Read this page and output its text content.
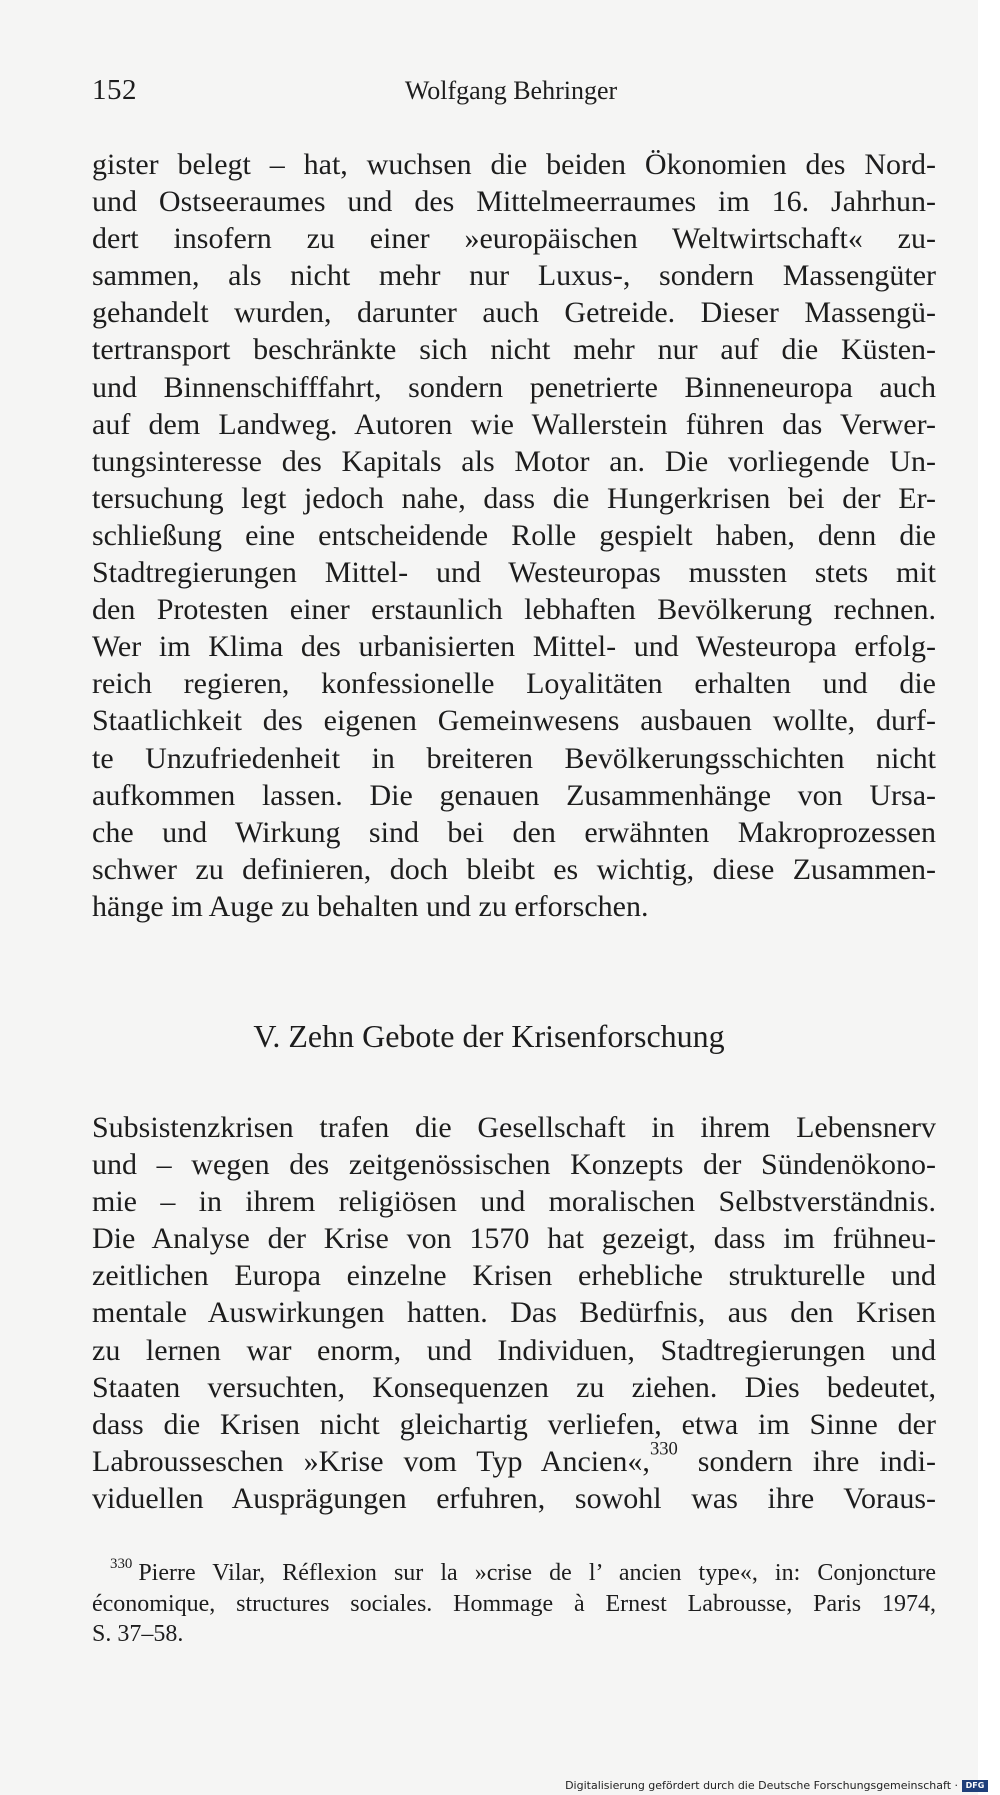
152	Wolfgang Behringer
gister belegt – hat, wuchsen die beiden Ökonomien des Nord-
und Ostseeraumes und des Mittelmeerraumes im 16. Jahrhun-
dert insofern zu einer »europäischen Weltwirtschaft« zu-
sammen, als nicht mehr nur Luxus-, sondern Massengüter
gehandelt wurden, darunter auch Getreide. Dieser Massengü-
tertransport beschränkte sich nicht mehr nur auf die Küsten-
und Binnenschifffahrt, sondern penetrierte Binneneuropa auch
auf dem Landweg. Autoren wie Wallerstein führen das Verwer-
tungsinteresse des Kapitals als Motor an. Die vorliegende Un-
tersuchung legt jedoch nahe, dass die Hungerkrisen bei der Er-
schließung eine entscheidende Rolle gespielt haben, denn die
Stadtregierungen Mittel- und Westeuropas mussten stets mit
den Protesten einer erstaunlich lebhaften Bevölkerung rechnen.
Wer im Klima des urbanisierten Mittel- und Westeuropa erfolg-
reich regieren, konfessionelle Loyalitäten erhalten und die
Staatlichkeit des eigenen Gemeinwesens ausbauen wollte, durf-
te Unzufriedenheit in breiteren Bevölkerungsschichten nicht
aufkommen lassen. Die genauen Zusammenhänge von Ursa-
che und Wirkung sind bei den erwähnten Makroprozessen
schwer zu definieren, doch bleibt es wichtig, diese Zusammen-
hänge im Auge zu behalten und zu erforschen.
V. Zehn Gebote der Krisenforschung
Subsistenzkrisen trafen die Gesellschaft in ihrem Lebensnerv
und – wegen des zeitgenössischen Konzepts der Sündenökono-
mie – in ihrem religiösen und moralischen Selbstverständnis.
Die Analyse der Krise von 1570 hat gezeigt, dass im frühneu-
zeitlichen Europa einzelne Krisen erhebliche strukturelle und
mentale Auswirkungen hatten. Das Bedürfnis, aus den Krisen
zu lernen war enorm, und Individuen, Stadtregierungen und
Staaten versuchten, Konsequenzen zu ziehen. Dies bedeutet,
dass die Krisen nicht gleichartig verliefen, etwa im Sinne der
Labrousseschen »Krise vom Typ Ancien«,$^{330}$ sondern ihre indi-
viduellen Ausprägungen erfuhren, sowohl was ihre Voraus-
$^{330}$ Pierre Vilar, Réflexion sur la »crise de l’ ancien type«, in: Conjoncture
économique, structures sociales. Hommage à Ernest Labrousse, Paris 1974,
S. 37–58.
Digitalisierung gefördert durch die Deutsche Forschungsgemeinschaft · DFG
